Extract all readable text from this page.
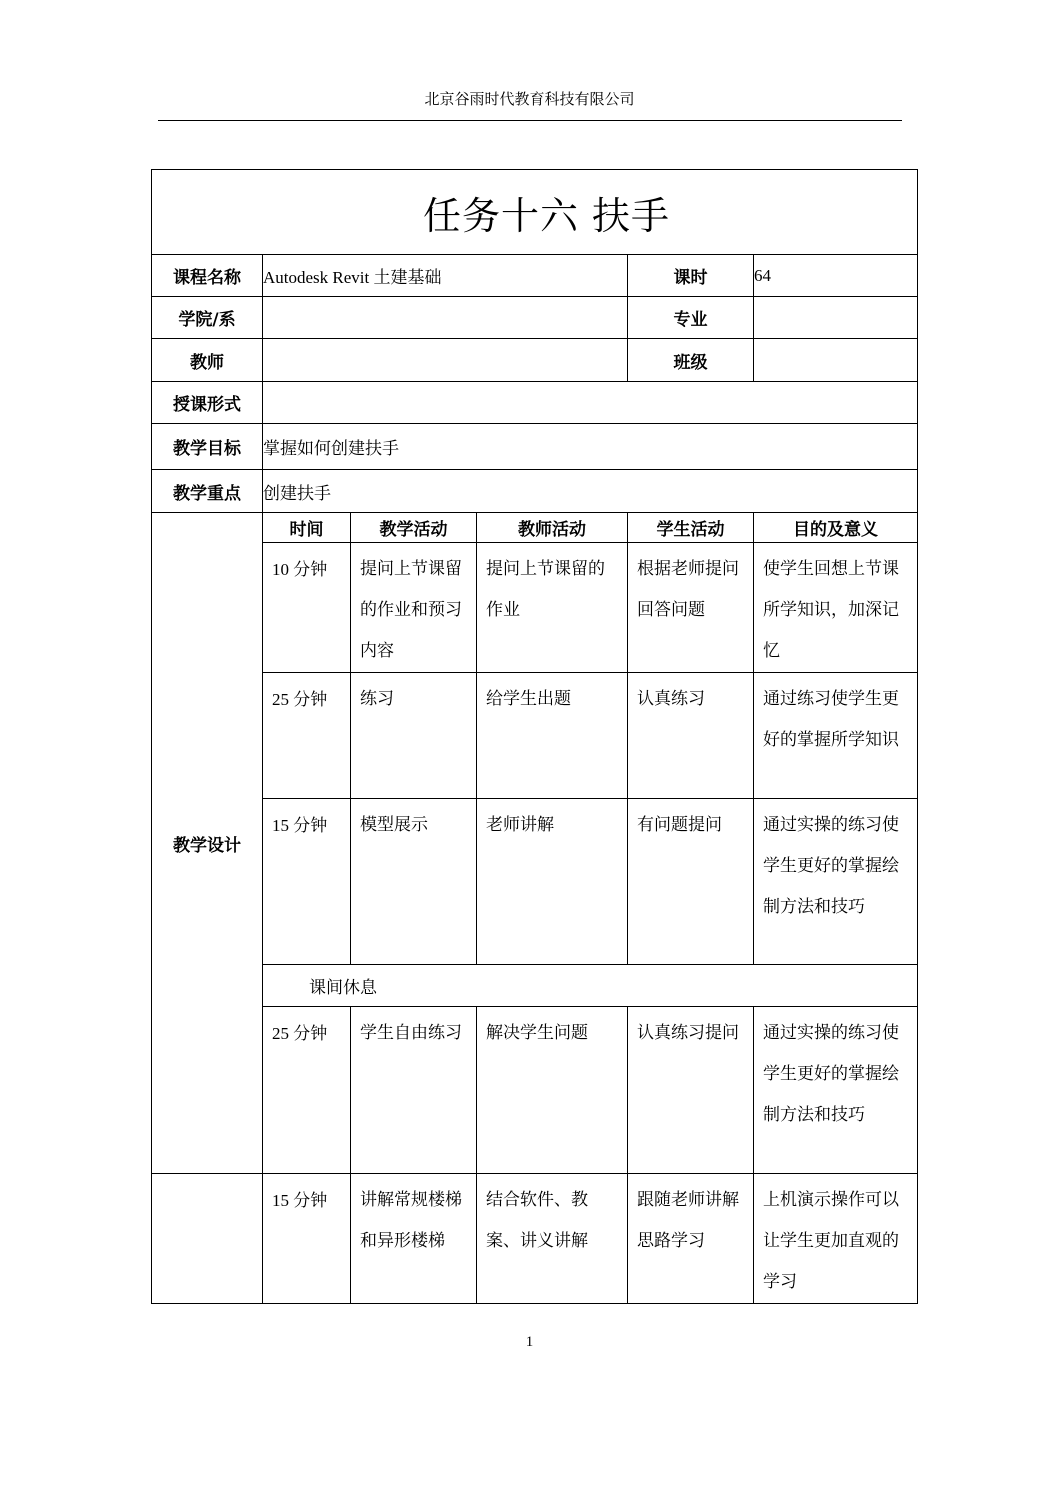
北京谷雨时代教育科技有限公司
任务十六 扶手					
课程名称	Autodesk Revit 土建基础			课时	64
学院/系				专业	
教师				班级	
授课形式					
教学目标	掌握如何创建扶手				
教学重点	创建扶手				
教学设计	时间	教学活动	教师活动	学生活动	目的及意义
	10 分钟	提问上节课留的作业和预习内容	提问上节课留的作业	根据老师提问回答问题	使学生回想上节课所学知识，加深记忆
	25 分钟	练习	给学生出题	认真练习	通过练习使学生更好的掌握所学知识
	15 分钟	模型展示	老师讲解	有问题提问	通过实操的练习使学生更好的掌握绘制方法和技巧
	课间休息				
	25 分钟	学生自由练习	解决学生问题	认真练习提问	通过实操的练习使学生更好的掌握绘制方法和技巧
	15 分钟	讲解常规楼梯和异形楼梯	结合软件、教案、讲义讲解	跟随老师讲解思路学习	上机演示操作可以让学生更加直观的学习
1
